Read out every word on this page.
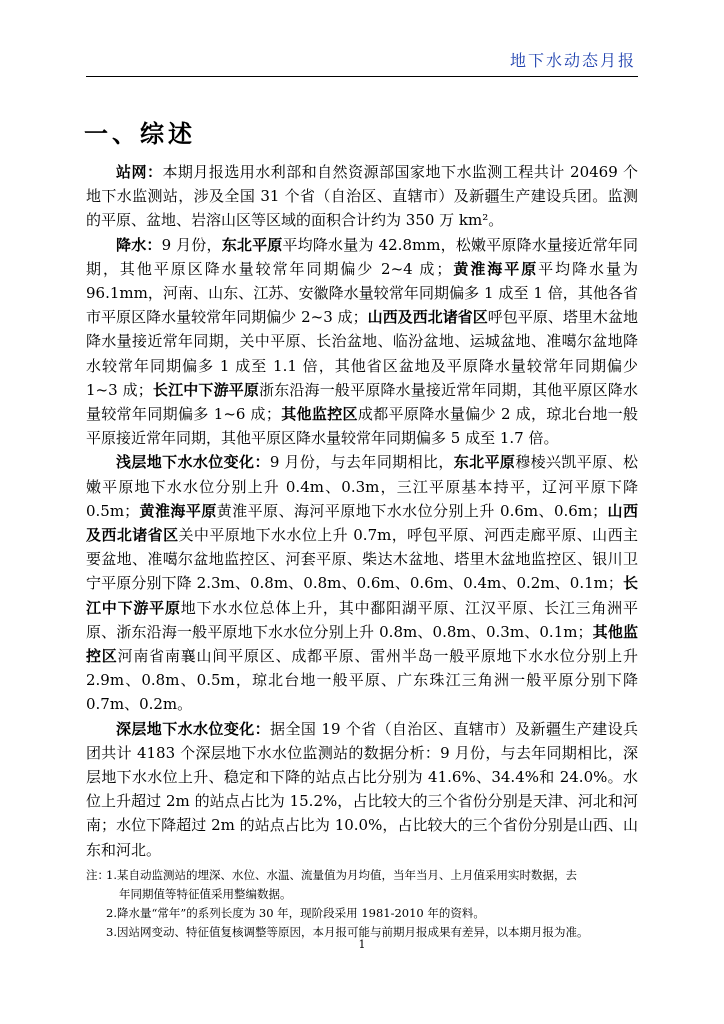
地下水动态月报
一、综述

站网：本期月报选用水利部和自然资源部国家地下水监测工程共计 20469 个地下水监测站，涉及全国 31 个省（自治区、直辖市）及新疆生产建设兵团。监测的平原、盆地、岩溶山区等区域的面积合计约为 350 万 km²。

降水：9 月份，东北平原平均降水量为 42.8mm，松嫩平原降水量接近常年同期，其他平原区降水量较常年同期偏少 2~4 成；黄淮海平原平均降水量为 96.1mm，河南、山东、江苏、安徽降水量较常年同期偏多 1 成至 1 倍，其他各省市平原区降水量较常年同期偏少 2~3 成；山西及西北诸省区呼包平原、塔里木盆地降水量接近常年同期，关中平原、长治盆地、临汾盆地、运城盆地、准噶尔盆地降水较常年同期偏多 1 成至 1.1 倍，其他省区盆地及平原降水量较常年同期偏少 1~3 成；长江中下游平原浙东沿海一般平原降水量接近常年同期，其他平原区降水量较常年同期偏多 1~6 成；其他监控区成都平原降水量偏少 2 成，琼北台地一般平原接近常年同期，其他平原区降水量较常年同期偏多 5 成至 1.7 倍。

浅层地下水水位变化：9 月份，与去年同期相比，东北平原穆棱兴凯平原、松嫩平原地下水水位分别上升 0.4m、0.3m，三江平原基本持平，辽河平原下降 0.5m；黄淮海平原黄淮平原、海河平原地下水水位分别上升 0.6m、0.6m；山西及西北诸省区关中平原地下水水位上升 0.7m，呼包平原、河西走廊平原、山西主要盆地、准噶尔盆地监控区、河套平原、柴达木盆地、塔里木盆地监控区、银川卫宁平原分别下降 2.3m、0.8m、0.8m、0.6m、0.6m、0.4m、0.2m、0.1m；长江中下游平原地下水水位总体上升，其中鄱阳湖平原、江汉平原、长江三角洲平原、浙东沿海一般平原地下水水位分别上升 0.8m、0.8m、0.3m、0.1m；其他监控区河南省南襄山间平原区、成都平原、雷州半岛一般平原地下水水位分别上升 2.9m、0.8m、0.5m，琼北台地一般平原、广东珠江三角洲一般平原分别下降 0.7m、0.2m。

深层地下水水位变化：据全国 19 个省（自治区、直辖市）及新疆生产建设兵团共计 4183 个深层地下水水位监测站的数据分析：9 月份，与去年同期相比，深层地下水水位上升、稳定和下降的站点占比分别为 41.6%、34.4%和 24.0%。水位上升超过 2m 的站点占比为 15.2%，占比较大的三个省份分别是天津、河北和河南；水位下降超过 2m 的站点占比为 10.0%，占比较大的三个省份分别是山西、山东和河北。

注：
1.某自动监测站的埋深、水位、水温、流量值为月均值，当年当月、上月值采用实时数据，去
年同期值等特征值采用整编数据。
2.降水量“常年”的系列长度为 30 年，现阶段采用 1981-2010 年的资料。
3.因站网变动、特征值复核调整等原因，本月报可能与前期月报成果有差异，以本期月报为准。
1
